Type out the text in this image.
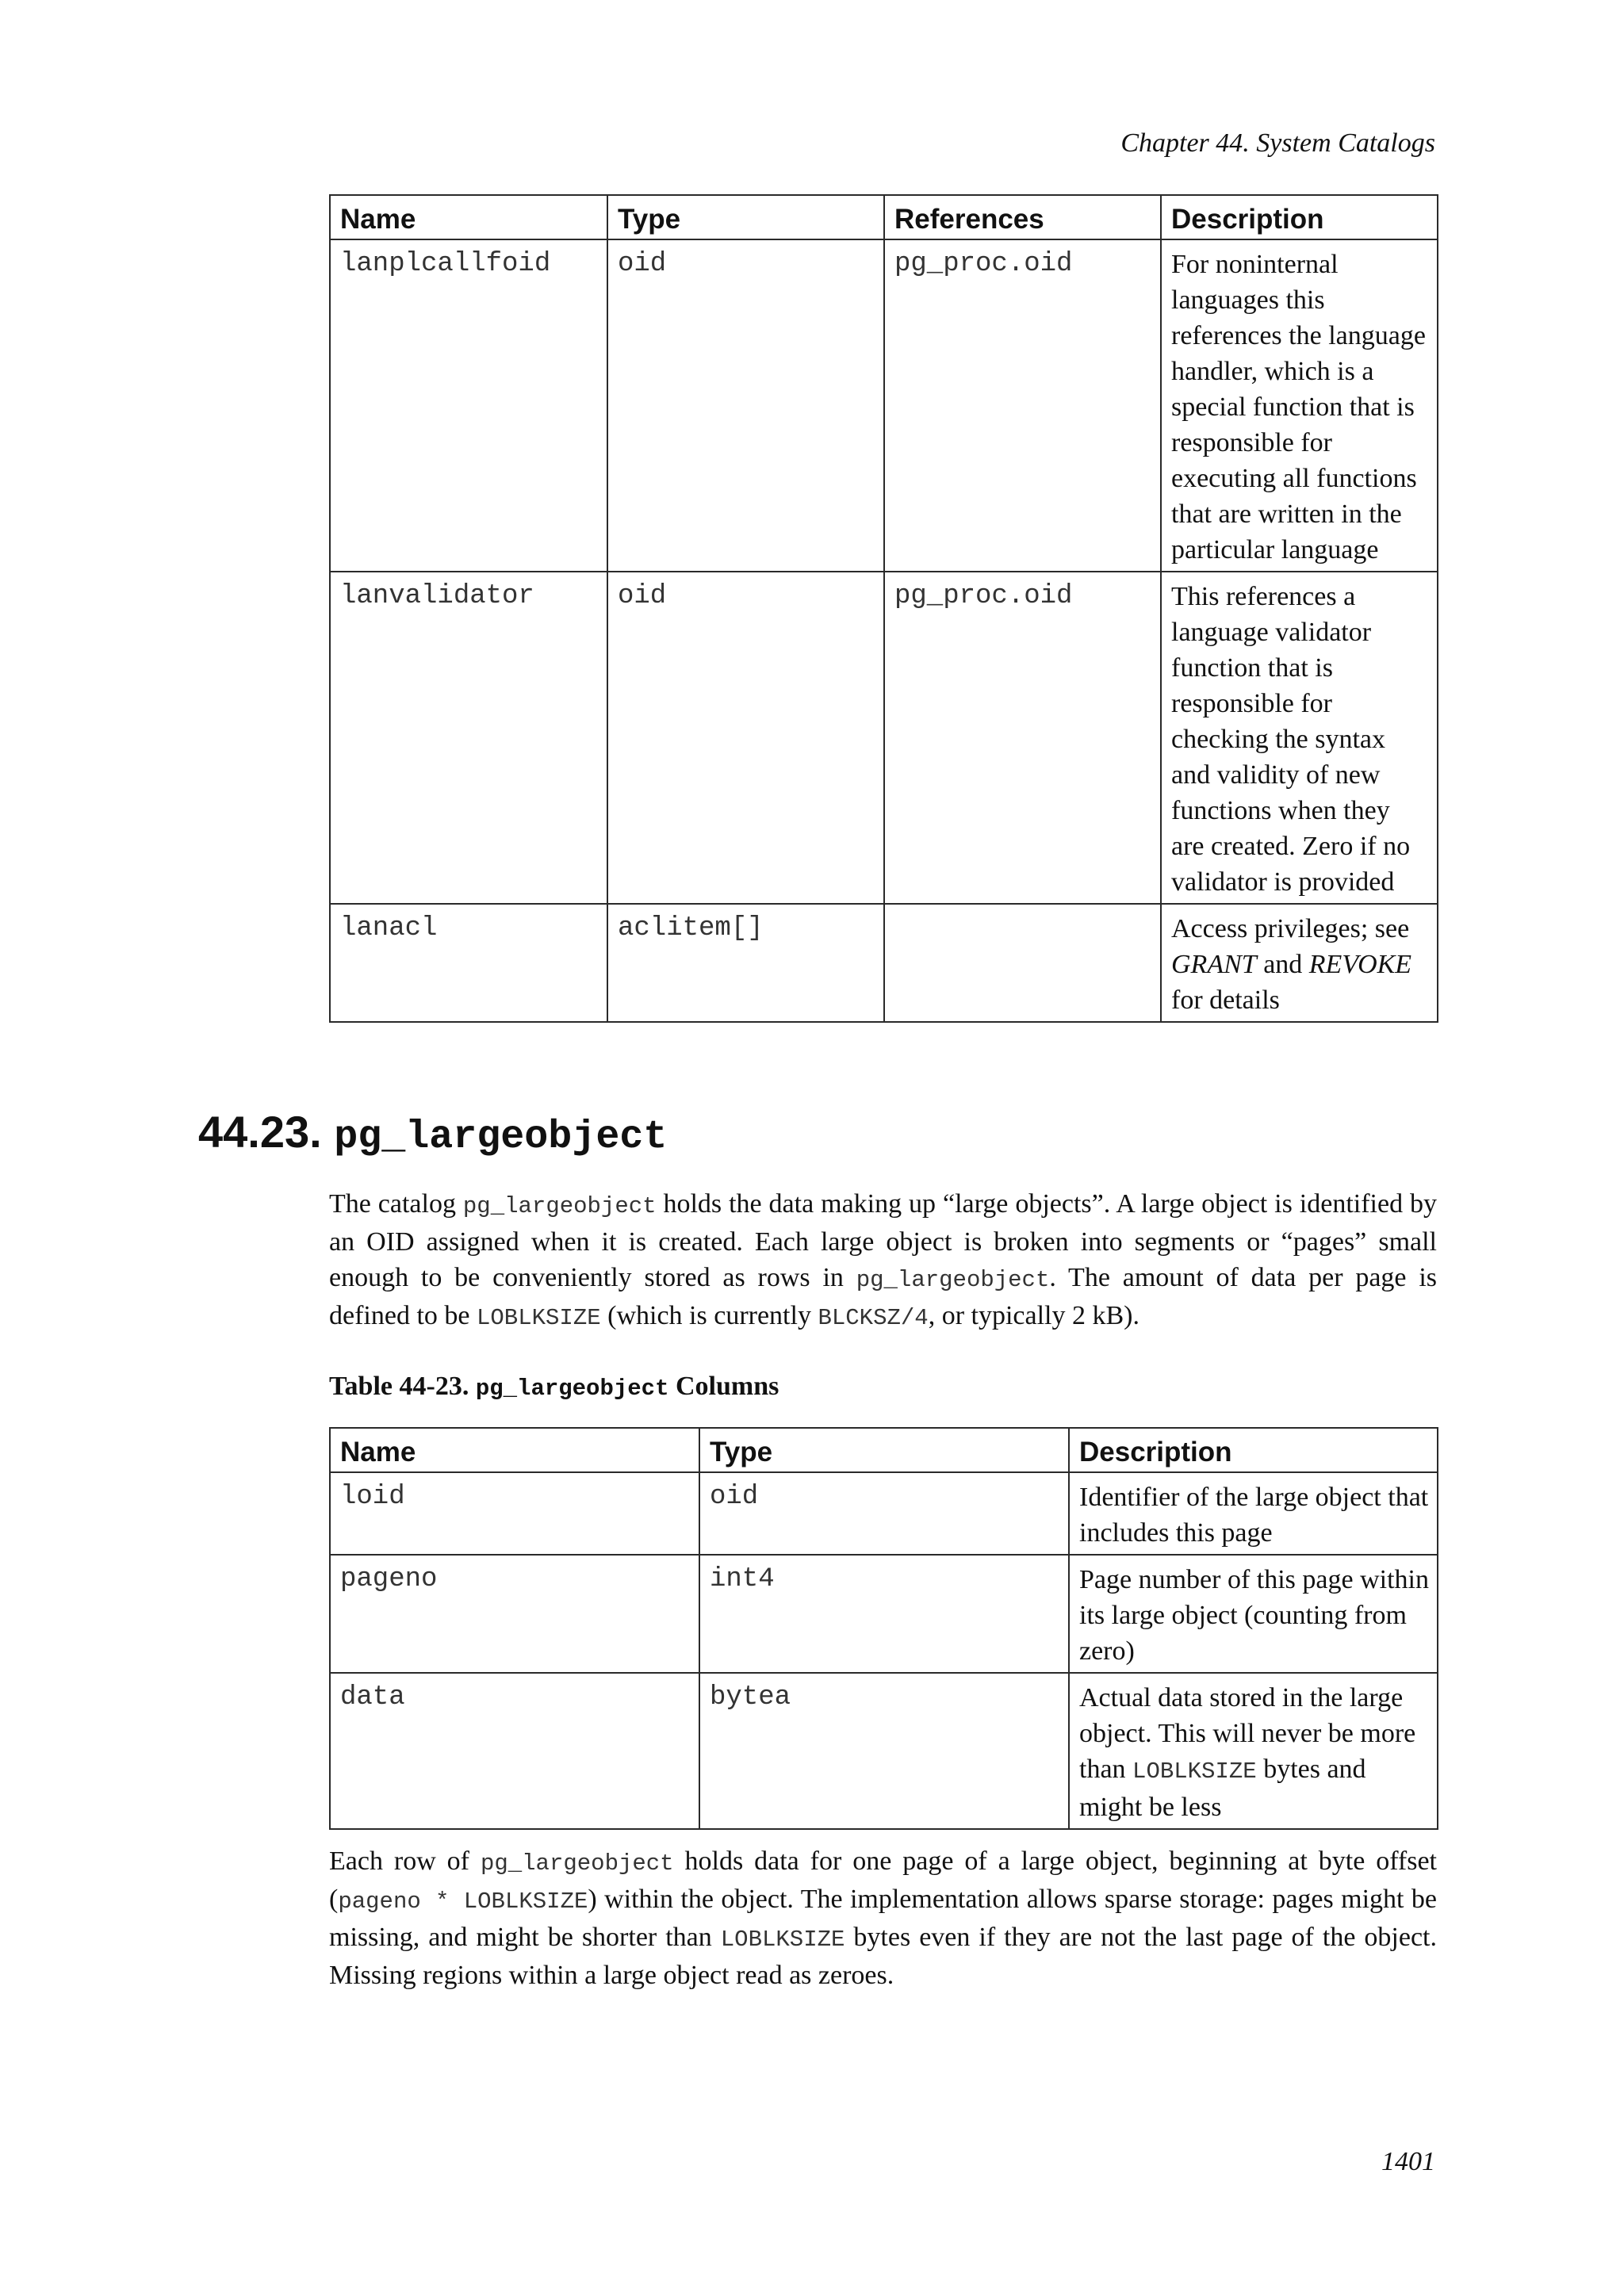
Chapter 44. System Catalogs
Name	Type	References	Description
lanplcallfoid	oid	pg_proc.oid	For noninternal languages this references the language handler, which is a special function that is responsible for executing all functions that are written in the particular language
lanvalidator	oid	pg_proc.oid	This references a language validator function that is responsible for checking the syntax and validity of new functions when they are created. Zero if no validator is provided
lanacl	aclitem[]		Access privileges; see GRANT and REVOKE for details
44.23. pg_largeobject

The catalog pg_largeobject holds the data making up “large objects”. A large object is identified by an OID assigned when it is created. Each large object is broken into segments or “pages” small enough to be conveniently stored as rows in pg_largeobject. The amount of data per page is defined to be LOBLKSIZE (which is currently BLCKSZ/4, or typically 2 kB).

Table 44-23. pg_largeobject Columns
Name	Type	Description
loid	oid	Identifier of the large object that includes this page
pageno	int4	Page number of this page within its large object (counting from zero)
data	bytea	Actual data stored in the large object. This will never be more than LOBLKSIZE bytes and might be less

Each row of pg_largeobject holds data for one page of a large object, beginning at byte offset (pageno * LOBLKSIZE) within the object. The implementation allows sparse storage: pages might be missing, and might be shorter than LOBLKSIZE bytes even if they are not the last page of the object. Missing regions within a large object read as zeroes.

1401
